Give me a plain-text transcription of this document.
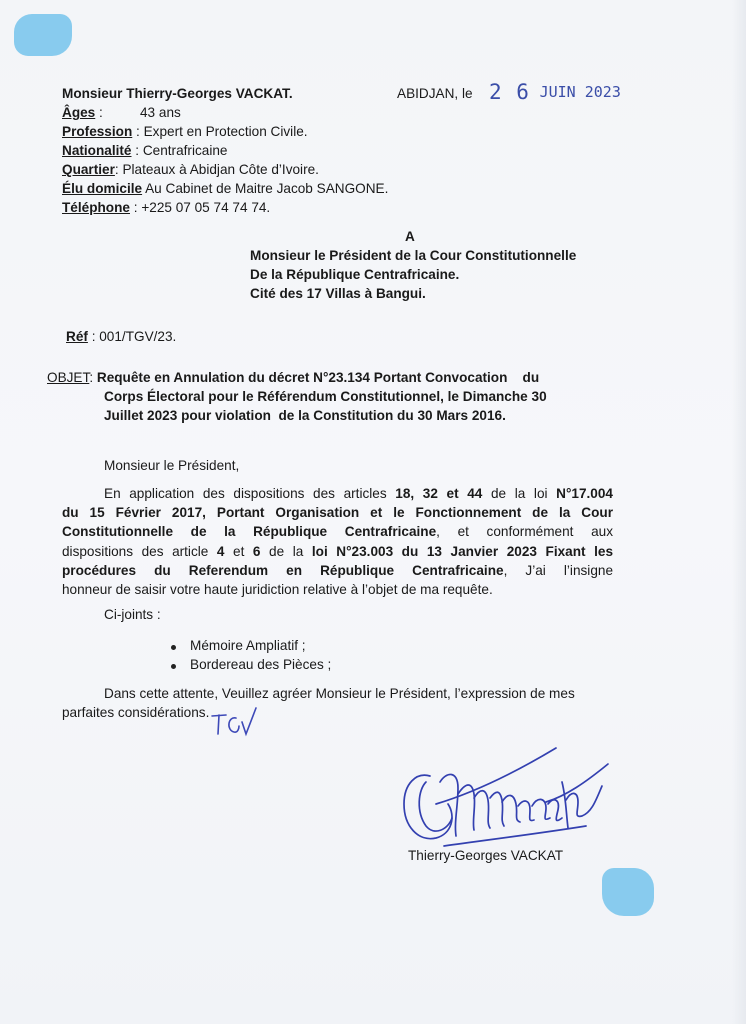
Monsieur Thierry-Georges VACKAT.	ABIDJAN, le 2 6 JUIN 2023
Âges :	43 ans
Profession : Expert en Protection Civile.
Nationalité : Centrafricaine
Quartier: Plateaux à Abidjan Côte d’Ivoire.
Élu domicile Au Cabinet de Maitre Jacob SANGONE.
Téléphone : +225 07 05 74 74 74.
A
Monsieur le Président de la Cour Constitutionnelle
De la République Centrafricaine.
Cité des 17 Villas à Bangui.
Réf : 001/TGV/23.
OBJET: Requête en Annulation du décret N°23.134 Portant Convocation    du
Corps Électoral pour le Référendum Constitutionnel, le Dimanche 30
Juillet 2023 pour violation  de la Constitution du 30 Mars 2016.
Monsieur le Président,
En application des dispositions des articles 18, 32 et 44 de la loi N°17.004
du 15 Février 2017, Portant Organisation et le Fonctionnement de la Cour
Constitutionnelle de la République Centrafricaine, et conformément aux
dispositions des article 4 et 6 de la loi N°23.003 du 13 Janvier 2023 Fixant les
procédures du Referendum en République Centrafricaine, J’ai l’insigne
honneur de saisir votre haute juridiction relative à l’objet de ma requête.
Ci-joints :
Mémoire Ampliatif ;
Bordereau des Pièces ;
Dans cette attente, Veuillez agréer Monsieur le Président, l’expression de mes
parfaites considérations.
Thierry-Georges VACKAT
